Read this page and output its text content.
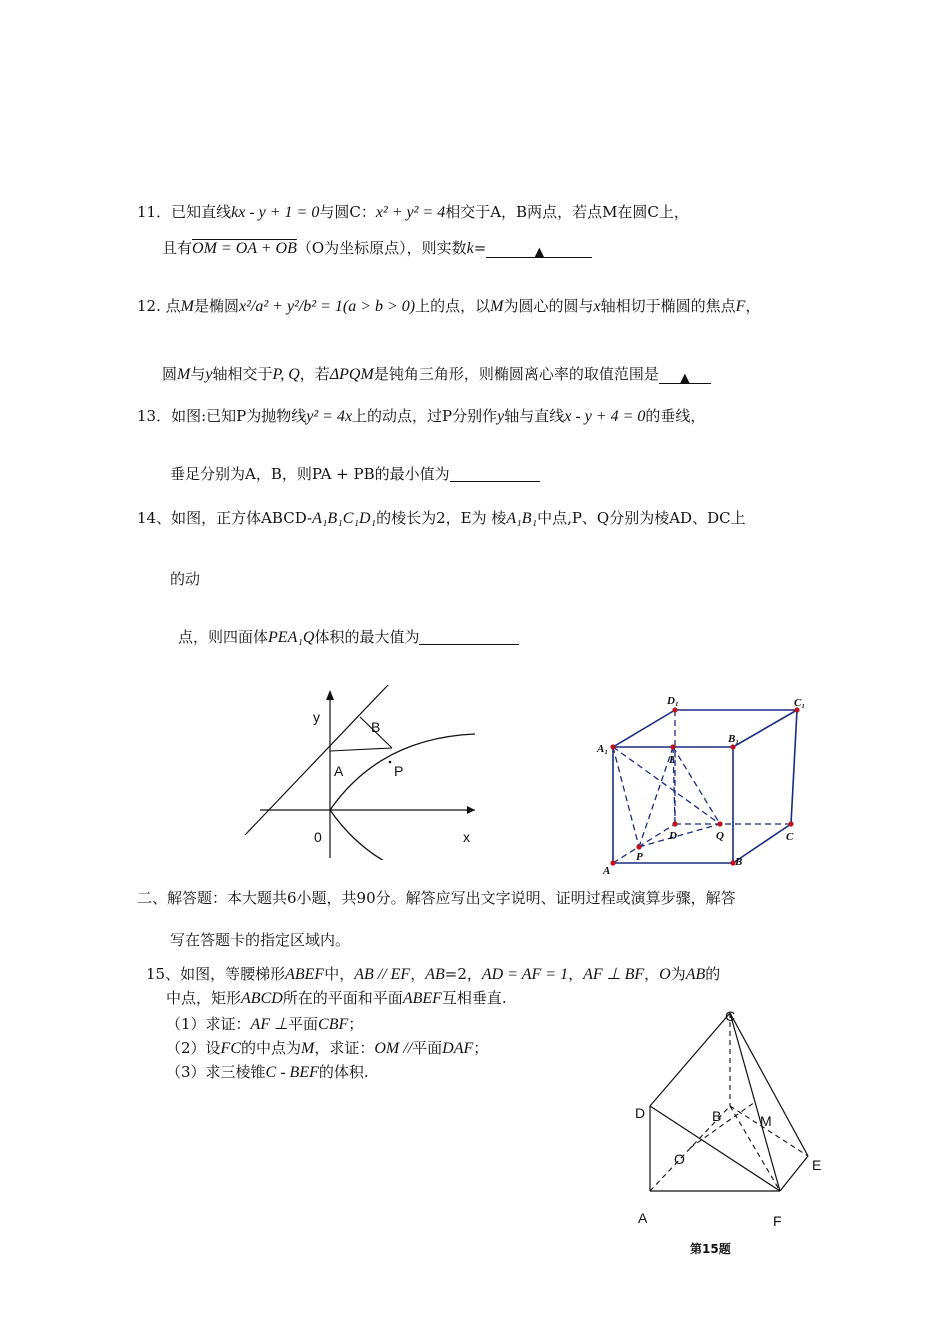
11．已知直线kx - y + 1 = 0与圆C：x² + y² = 4相交于A，B两点，若点M在圆C上，
且有OM = OA + OB（O为坐标原点），则实数k=	▲
12. 点M是椭圆x²/a² + y²/b² = 1(a > b > 0)上的点，以M为圆心的圆与x轴相切于椭圆的焦点F，
圆M与y轴相交于P, Q，若ΔPQM是钝角三角形，则椭圆离心率的取值范围是 ▲
13．如图:已知P为抛物线y² = 4x上的动点，过P分别作y轴与直线x - y + 4 = 0的垂线，
垂足分别为A，B，则PA + PB的最小值为
14、如图，正方体ABCD-A₁B₁C₁D₁的棱长为2，E为 棱A₁B₁中点,P、Q分别为棱AD、DC上
的动
点，则四面体PEA₁Q体积的最大值为
y
B
A	P
0	x
D₁	C₁
A₁
B₁
E
D	Q	C
P
A
B
二、解答题：本大题共6小题，共90分。解答应写出文字说明、证明过程或演算步骤，解答
写在答题卡的指定区域内。
15、如图，等腰梯形ABEF中，AB // EF，AB=2，AD = AF = 1，AF ⊥ BF，O为AB的
中点，矩形ABCD所在的平面和平面ABEF互相垂直.
（1）求证：AF ⊥平面CBF；
（2）设FC的中点为M，求证：OM //平面DAF；
（3）求三棱锥C - BEF的体积.
D
C
B	M
O	E
A	F
第15题
